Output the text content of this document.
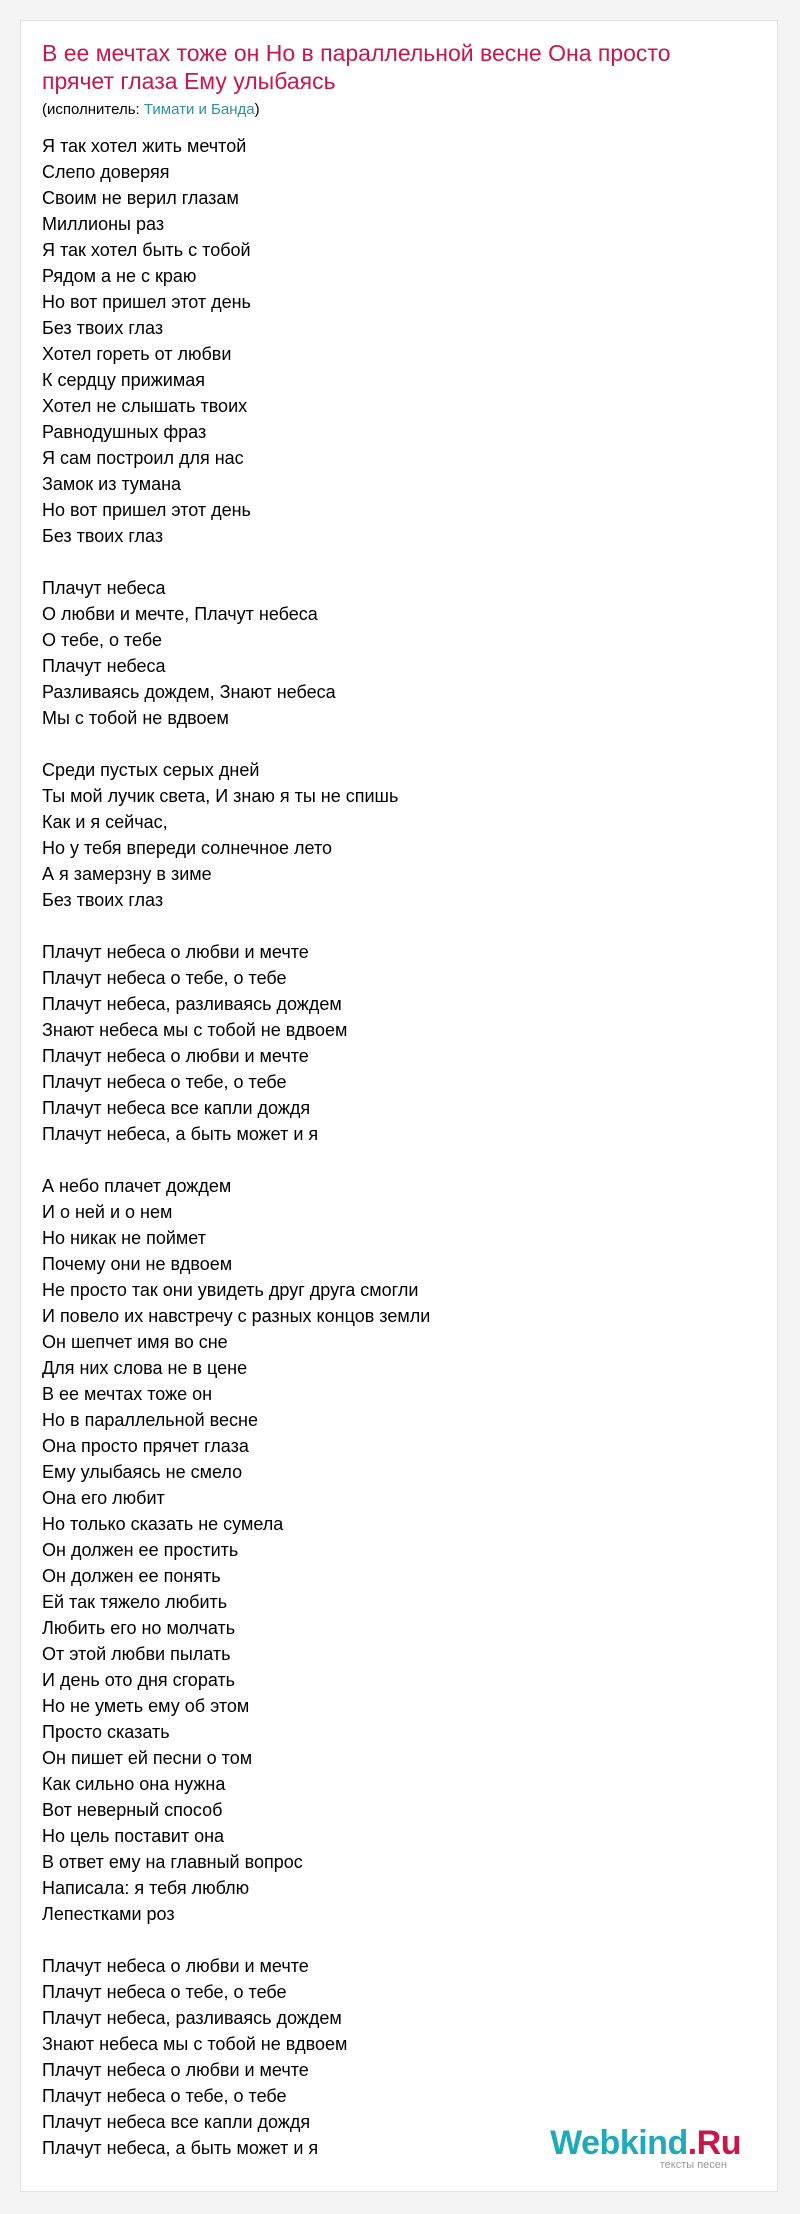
В ее мечтах тоже он Но в параллельной весне Она просто прячет глаза Ему улыбаясь
(исполнитель: Тимати и Банда)
Я так хотел жить мечтой
Слепо доверяя
Своим не верил глазам
Миллионы раз
Я так хотел быть с тобой
Рядом а не с краю
Но вот пришел этот день
Без твоих глаз
Хотел гореть от любви
К сердцу прижимая
Хотел не слышать твоих
Равнодушных фраз
Я сам построил для нас
Замок из тумана
Но вот пришел этот день
Без твоих глаз
Плачут небеса
О любви и мечте, Плачут небеса
О тебе, о тебе
Плачут небеса
Разливаясь дождем, Знают небеса
Мы с тобой не вдвоем
Среди пустых серых дней
Ты мой лучик света, И знаю я ты не спишь
Как и я сейчас,
Но у тебя впереди солнечное лето
А я замерзну в зиме
Без твоих глаз
Плачут небеса о любви и мечте
Плачут небеса о тебе, о тебе
Плачут небеса, разливаясь дождем
Знают небеса мы с тобой не вдвоем
Плачут небеса о любви и мечте
Плачут небеса о тебе, о тебе
Плачут небеса все капли дождя
Плачут небеса, а быть может и я
А небо плачет дождем
И о ней и о нем
Но никак не поймет
Почему они не вдвоем
Не просто так они увидеть друг друга смогли
И повело их навстречу с разных концов земли
Он шепчет имя во сне
Для них слова не в цене
В ее мечтах тоже он
Но в параллельной весне
Она просто прячет глаза
Ему улыбаясь не смело
Она его любит
Но только сказать не сумела
Он должен ее простить
Он должен ее понять
Ей так тяжело любить
Любить его но молчать
От этой любви пылать
И день ото дня сгорать
Но не уметь ему об этом
Просто сказать
Он пишет ей песни о том
Как сильно она нужна
Вот неверный способ
Но цель поставит она
В ответ ему на главный вопрос
Написала: я тебя люблю
Лепестками роз
Плачут небеса о любви и мечте
Плачут небеса о тебе, о тебе
Плачут небеса, разливаясь дождем
Знают небеса мы с тобой не вдвоем
Плачут небеса о любви и мечте
Плачут небеса о тебе, о тебе
Плачут небеса все капли дождя
Плачут небеса, а быть может и я	Webkind.Ru
тексты песен
